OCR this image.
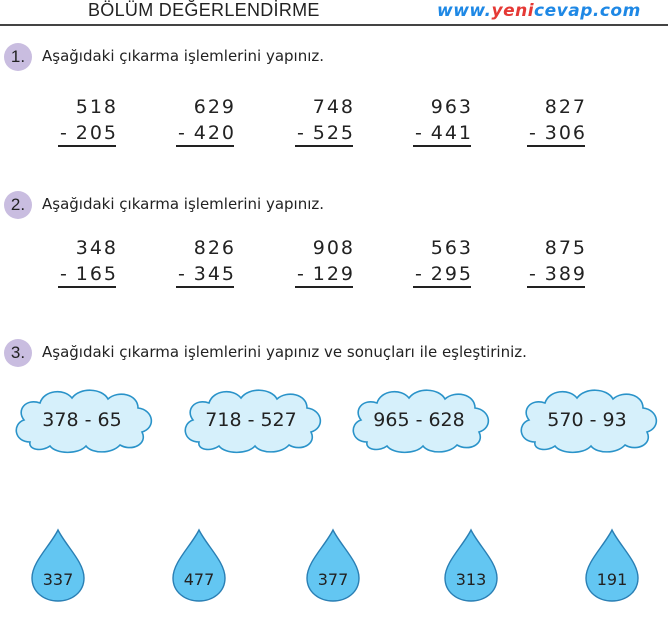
BÖLÜM DEĞERLENDİRME	www.yenicevap.com
1.	Aşağıdaki çıkarma işlemlerini yapınız.
518
- 205
629
- 420
748
- 525
963
- 441
827
- 306
2.	Aşağıdaki çıkarma işlemlerini yapınız.
348
- 165
826
- 345
908
- 129
563
- 295
875
- 389
3.	Aşağıdaki çıkarma işlemlerini yapınız ve sonuçları ile eşleştiriniz.
378 - 65	718 - 527	965 - 628	570 - 93
337	477	377	313	191
